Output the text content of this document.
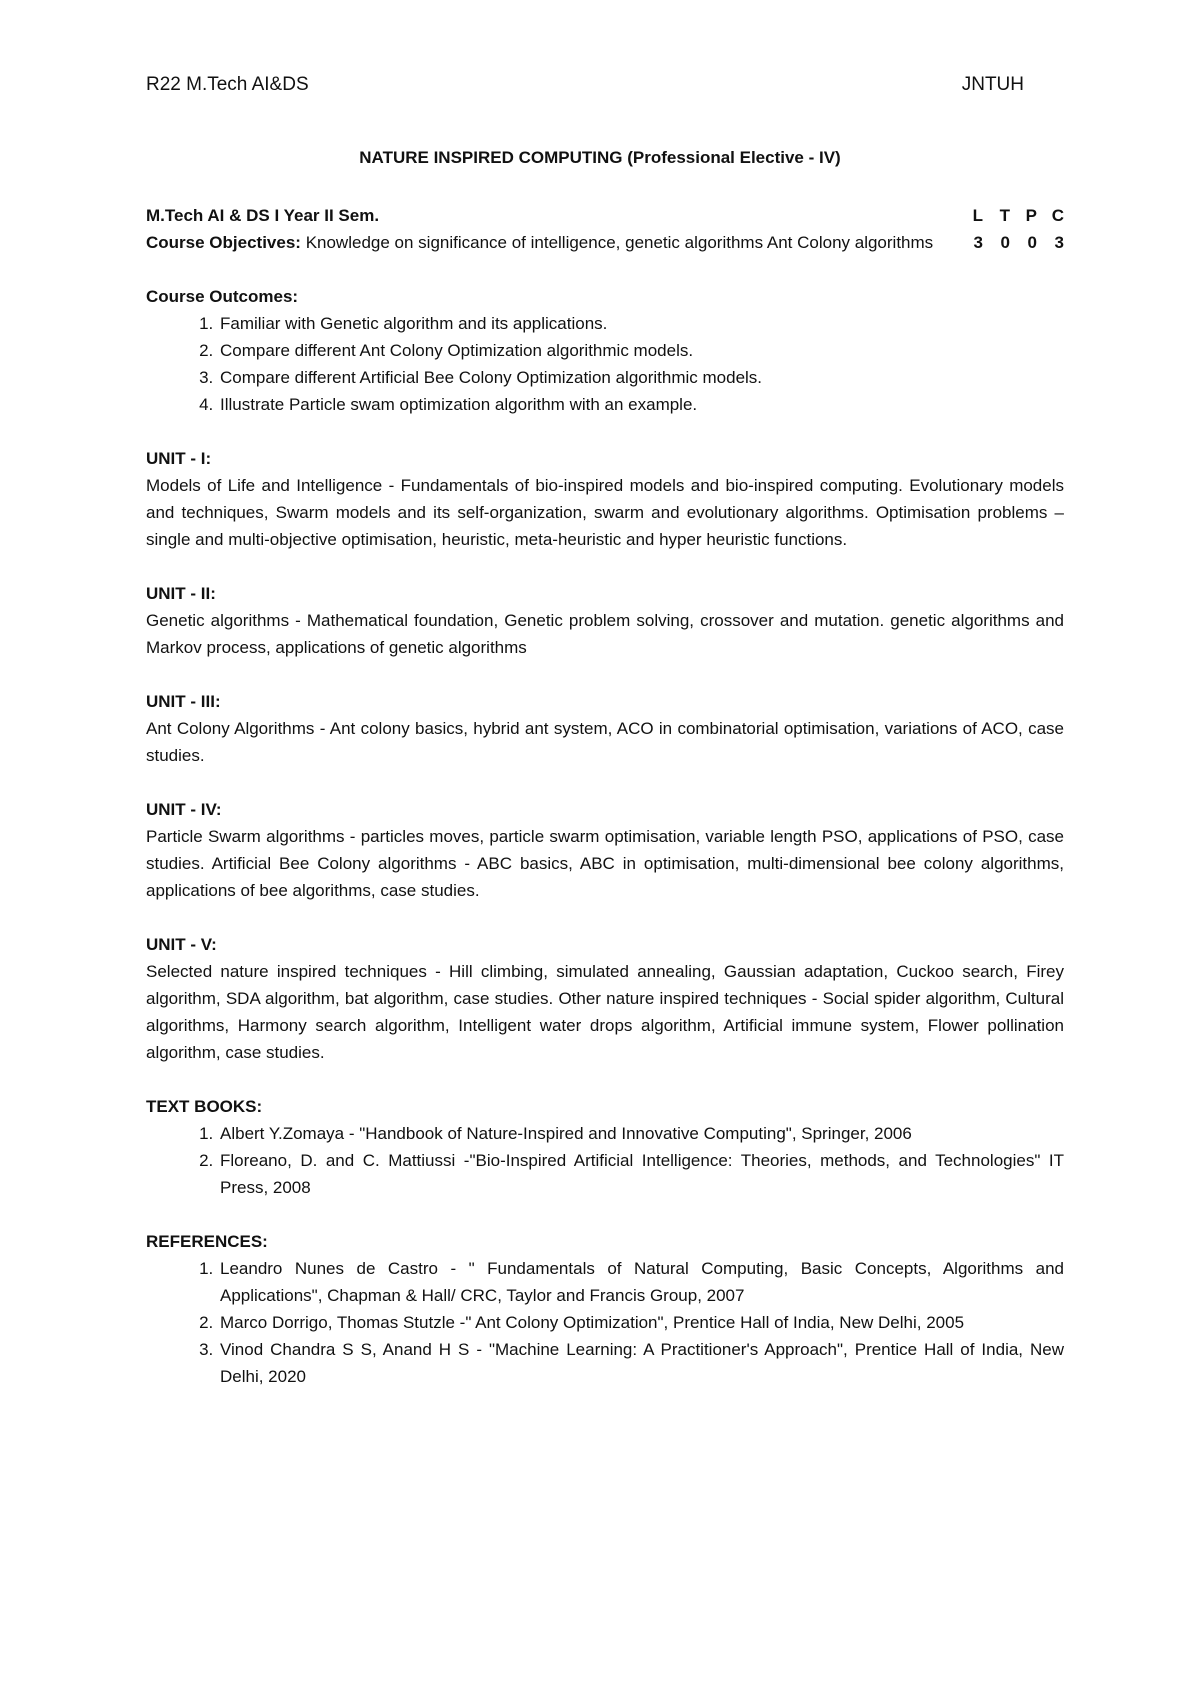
R22 M.Tech AI&DS	JNTUH
NATURE INSPIRED COMPUTING (Professional Elective - IV)
M.Tech AI & DS I Year II Sem.	L T P C
3	0	0	3

Course Objectives: Knowledge on significance of intelligence, genetic algorithms Ant Colony algorithms

Course Outcomes:
1. Familiar with Genetic algorithm and its applications.
2. Compare different Ant Colony Optimization algorithmic models.
3. Compare different Artificial Bee Colony Optimization algorithmic models.
4. Illustrate Particle swam optimization algorithm with an example.
UNIT - I:

Models of Life and Intelligence - Fundamentals of bio-inspired models and bio-inspired computing. Evolutionary models and techniques, Swarm models and its self-organization, swarm and evolutionary algorithms. Optimisation problems – single and multi-objective optimisation, heuristic, meta-heuristic and hyper heuristic functions.

UNIT - II:

Genetic algorithms - Mathematical foundation, Genetic problem solving, crossover and mutation. genetic algorithms and Markov process, applications of genetic algorithms

UNIT - III:

Ant Colony Algorithms - Ant colony basics, hybrid ant system, ACO in combinatorial optimisation, variations of ACO, case studies.

UNIT - IV:

Particle Swarm algorithms - particles moves, particle swarm optimisation, variable length PSO, applications of PSO, case studies. Artificial Bee Colony algorithms - ABC basics, ABC in optimisation, multi-dimensional bee colony algorithms, applications of bee algorithms, case studies.

UNIT - V:

Selected nature inspired techniques - Hill climbing, simulated annealing, Gaussian adaptation, Cuckoo search, Firey algorithm, SDA algorithm, bat algorithm, case studies. Other nature inspired techniques - Social spider algorithm, Cultural algorithms, Harmony search algorithm, Intelligent water drops algorithm, Artificial immune system, Flower pollination algorithm, case studies.

TEXT BOOKS:
1. Albert Y.Zomaya - "Handbook of Nature-Inspired and Innovative Computing", Springer, 2006
2. Floreano, D. and C. Mattiussi -"Bio-Inspired Artificial Intelligence: Theories, methods, and Technologies" IT Press, 2008
REFERENCES:
1. Leandro Nunes de Castro - " Fundamentals of Natural Computing, Basic Concepts, Algorithms and Applications", Chapman & Hall/ CRC, Taylor and Francis Group, 2007
2. Marco Dorrigo, Thomas Stutzle -" Ant Colony Optimization", Prentice Hall of India, New Delhi, 2005
3. Vinod Chandra S S, Anand H S - "Machine Learning: A Practitioner's Approach", Prentice Hall of India, New Delhi, 2020
